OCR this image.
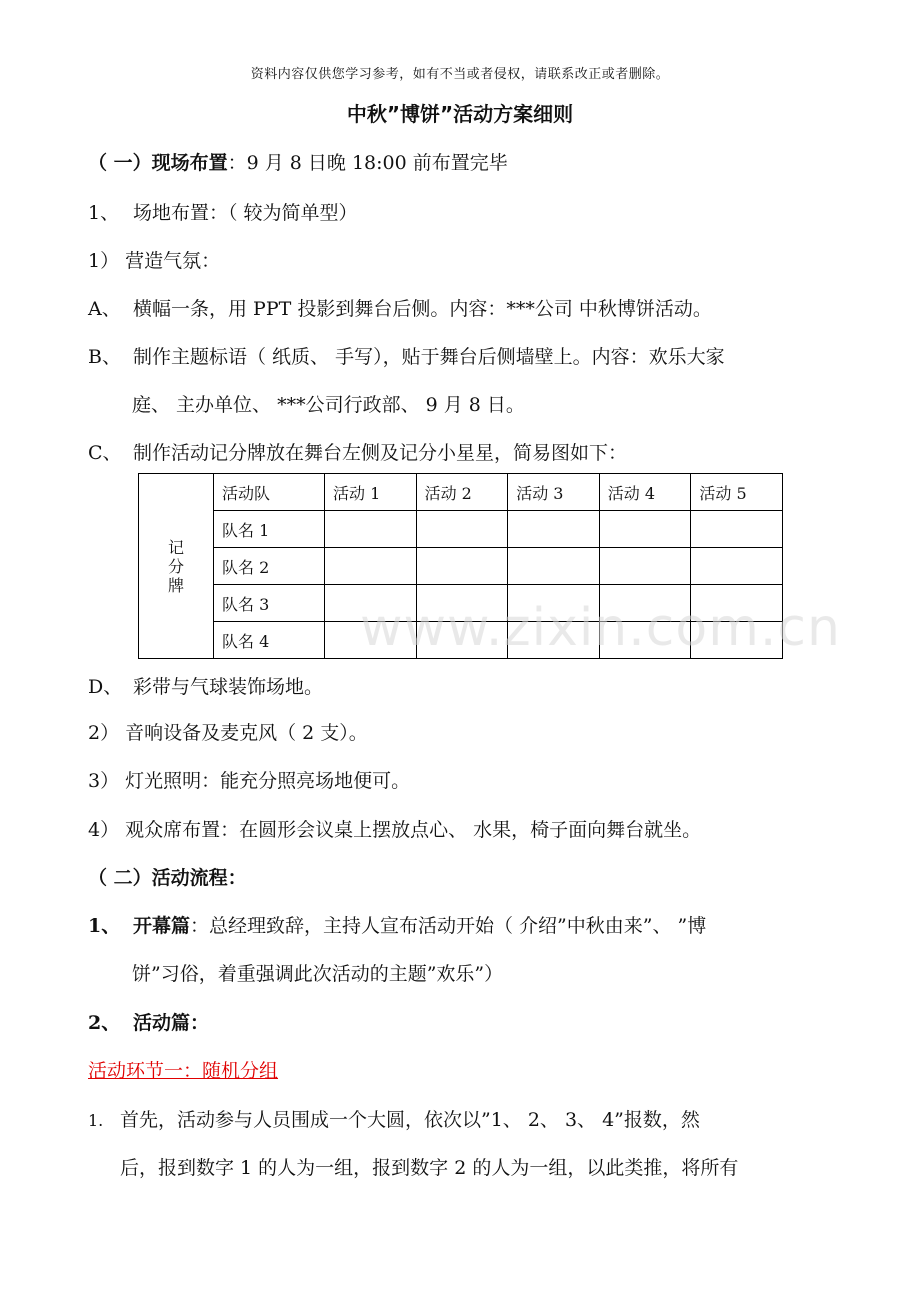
资料内容仅供您学习参考，如有不当或者侵权，请联系改正或者删除。
中秋”博饼”活动方案细则
（ 一）现场布置：9 月 8 日晚 18:00 前布置完毕
1、 场地布置：（ 较为简单型）
1） 营造气氛：
A、 横幅一条，用 PPT 投影到舞台后侧。内容：***公司 中秋博饼活动。
B、 制作主题标语（ 纸质、 手写），贴于舞台后侧墙壁上。内容：欢乐大家
庭、 主办单位、 ***公司行政部、 9 月 8 日。
C、 制作活动记分牌放在舞台左侧及记分小星星，简易图如下：
记
分
牌	活动队	活动 1	活动 2	活动 3	活动 4	活动 5
	队名 1					
	队名 2					
	队名 3					
	队名 4					www.zixin.com.cn
D、 彩带与气球装饰场地。
2） 音响设备及麦克风（ 2 支）。
3） 灯光照明：能充分照亮场地便可。
4） 观众席布置：在圆形会议桌上摆放点心、 水果，椅子面向舞台就坐。
（ 二）活动流程：
1、 开幕篇：总经理致辞，主持人宣布活动开始（ 介绍”中秋由来”、 ”博
饼”习俗，着重强调此次活动的主题”欢乐”）
2、 活动篇：
活动环节一：随机分组
1. 首先，活动参与人员围成一个大圆，依次以”1、 2、 3、 4”报数，然
后，报到数字 1 的人为一组，报到数字 2 的人为一组，以此类推，将所有
